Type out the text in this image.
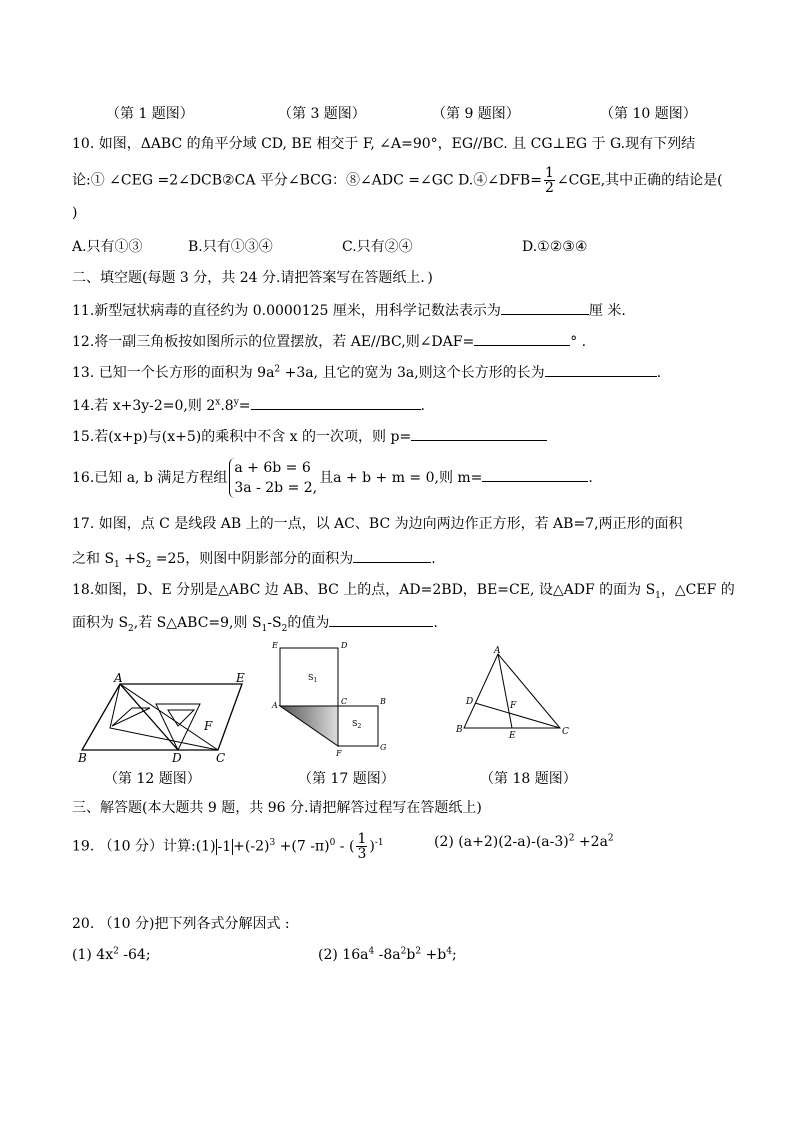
（第 1 题图）	（第 3 题图）	（第 9 题图）	（第 10 题图）
10. 如图，ΔABC 的角平分域 CD, BE 相交于 F, ∠A=90°，EG//BC. 且 CG⊥EG 于 G.现有下列结
论:① ∠CEG =2∠DCB②CA 平分∠BCG：⑧∠ADC =∠GC D.④∠DFB= $\frac{1}{2}$ ∠CGE,其中正确的结论是(
)
A.只有①③	B.只有①③④	C.只有②④	D.①②③④
二、填空题(每题 3 分，共 24 分.请把答案写在答题纸上．)
11.新型冠状病毒的直径约为 0.0000125 厘米，用科学记数法表示为	厘 米.
12.将一副三角板按如图所示的位置摆放，若 AE//BC,则∠DAF=	° .
13. 已知一个长方形的面积为 $9a^2 +3a$, 且它的宽为 3a,则这个长方形的长为	.
14.若 x+3y-2=0,则 $2^x.8^y=$	.
15.若(x+p)与(x+5)的乘积中不含 x 的一次项，则 p=
16.已知 a, b 满足方程组
a + 6b = 6
3a - 2b = 2,
且a + b + m = 0,则 m=	.
17. 如图，点 C 是线段 AB 上的一点，以 AC、BC 为边向两边作正方形，若 AB=7,两正形的面积
之和 $S_1 +S_2 =25$，则图中阴影部分的面积为	.
18.如图，D、E 分别是△ABC 边 AB、BC 上的点，AD=2BD，BE=CE, 设△ADF 的面为 $S_1$，△CEF 的
面积为 $S_2$,若 S△ABC=9,则 $S_1-S_2$的值为	.
A	E
F
B	D	C
E	D
$S_1$
A	C	B
$S_2$
F
G
A
D	F
B
E	C
（第 12 题图）	（第 17 题图）	（第 18 题图）
三、解答题(本大题共 9 题，共 96 分.请把解答过程写在答题纸上)
19. （10 分）计算:(1) $-1 +(-2)^3 +(7$ -π)$^0$ - ( $\frac{1}{3} )^{-1}$	(2) $(a+2)(2-a)-(a-3)^2 +2a^2$
20. （10 分)把下列各式分解因式 :
(1) $4x^2$ -64;	(2) $16a^4$ $-8a^2b^2 +b^4$;
